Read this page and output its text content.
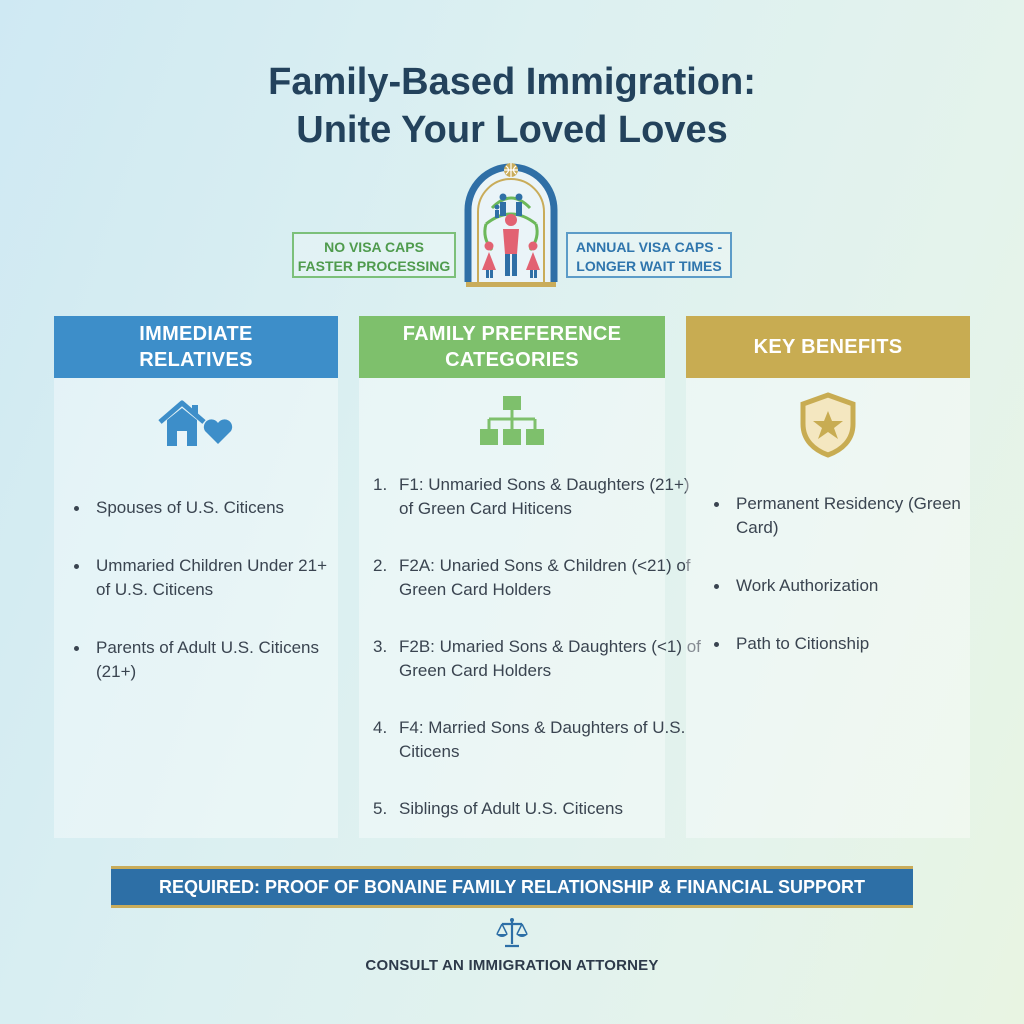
Family-Based Immigration:
Unite Your Loved Loves
NO VISA CAPS
FASTER PROCESSING
ANNUAL VISA CAPS -
LONGER WAIT TIMES
IMMEDIATE
RELATIVES
Spouses of U.S. Citicens
Ummaried Children Under 21+ of U.S. Citicens
Parents of Adult U.S. Citicens (21+)
FAMILY PREFERENCE
CATEGORIES
1. F1: Unmaried Sons & Daughters (21+) of Green Card Hiticens
2. F2A: Unaried Sons & Children (<21) of Green Card Holders
3. F2B: Umaried Sons & Daughters (<1) of Green Card Holders
4. F4: Married Sons & Daughters of U.S. Citicens
5. Siblings of Adult U.S. Citicens
KEY BENEFITS
Permanent Residency (Green Card)
Work Authorization
Path to Citionship
REQUIRED: PROOF OF BONAINE FAMILY RELATIONSHIP & FINANCIAL SUPPORT
CONSULT AN IMMIGRATION ATTORNEY
